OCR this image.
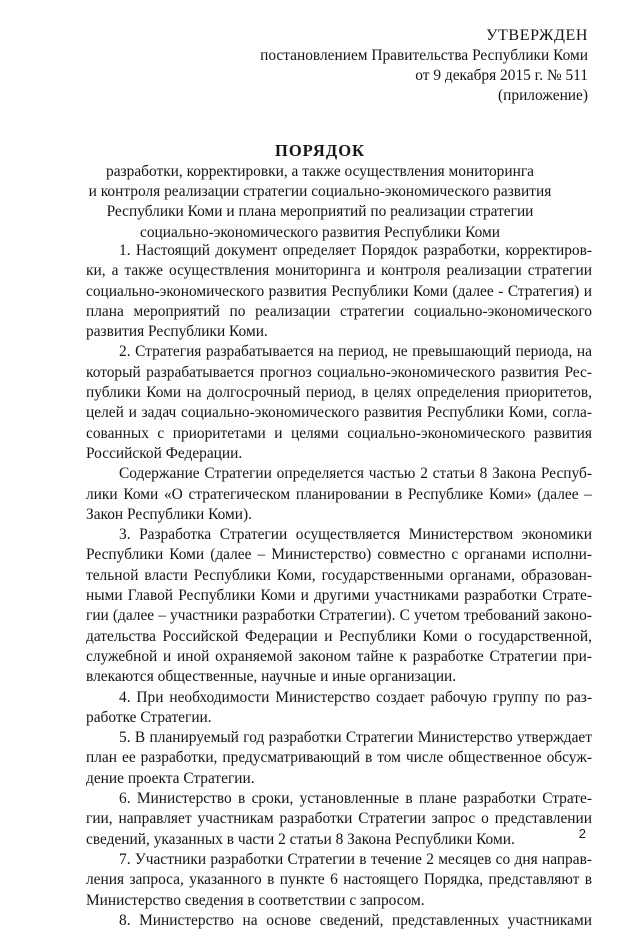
УТВЕРЖДЕН
постановлением Правительства Республики Коми
от 9 декабря 2015 г. № 511
(приложение)
ПОРЯДОК
разработки, корректировки, а также осуществления мониторинга
и контроля реализации стратегии социально-экономического развития
Республики Коми и плана мероприятий по реализации стратегии
социально-экономического развития Республики Коми

1. Настоящий документ определяет Порядок разработки, корректировки, а также осуществления мониторинга и контроля реализации стратегии социально-экономического развития Республики Коми (далее - Стратегия) и плана мероприятий по реализации стратегии социально-экономического развития Республики Коми.

2. Стратегия разрабатывается на период, не превышающий периода, на который разрабатывается прогноз социально-экономического развития Республики Коми на долгосрочный период, в целях определения приоритетов, целей и задач социально-экономического развития Республики Коми, согласованных с приоритетами и целями социально-экономического развития Российской Федерации.

Содержание Стратегии определяется частью 2 статьи 8 Закона Республики Коми «О стратегическом планировании в Республике Коми» (далее – Закон Республики Коми).

3. Разработка Стратегии осуществляется Министерством экономики Республики Коми (далее – Министерство) совместно с органами исполнительной власти Республики Коми, государственными органами, образованными Главой Республики Коми и другими участниками разработки Стратегии (далее – участники разработки Стратегии). С учетом требований законодательства Российской Федерации и Республики Коми о государственной, служебной и иной охраняемой законом тайне к разработке Стратегии привлекаются общественные, научные и иные организации.

4. При необходимости Министерство создает рабочую группу по разработке Стратегии.

5. В планируемый год разработки Стратегии Министерство утверждает план ее разработки, предусматривающий в том числе общественное обсуждение проекта Стратегии.

6. Министерство в сроки, установленные в плане разработки Стратегии, направляет участникам разработки Стратегии запрос о представлении сведений, указанных в части 2 статьи 8 Закона Республики Коми.

7. Участники разработки Стратегии в течение 2 месяцев со дня направления запроса, указанного в пункте 6 настоящего Порядка, представляют в Министерство сведения в соответствии с запросом.

8. Министерство на основе сведений, представленных участниками

2
